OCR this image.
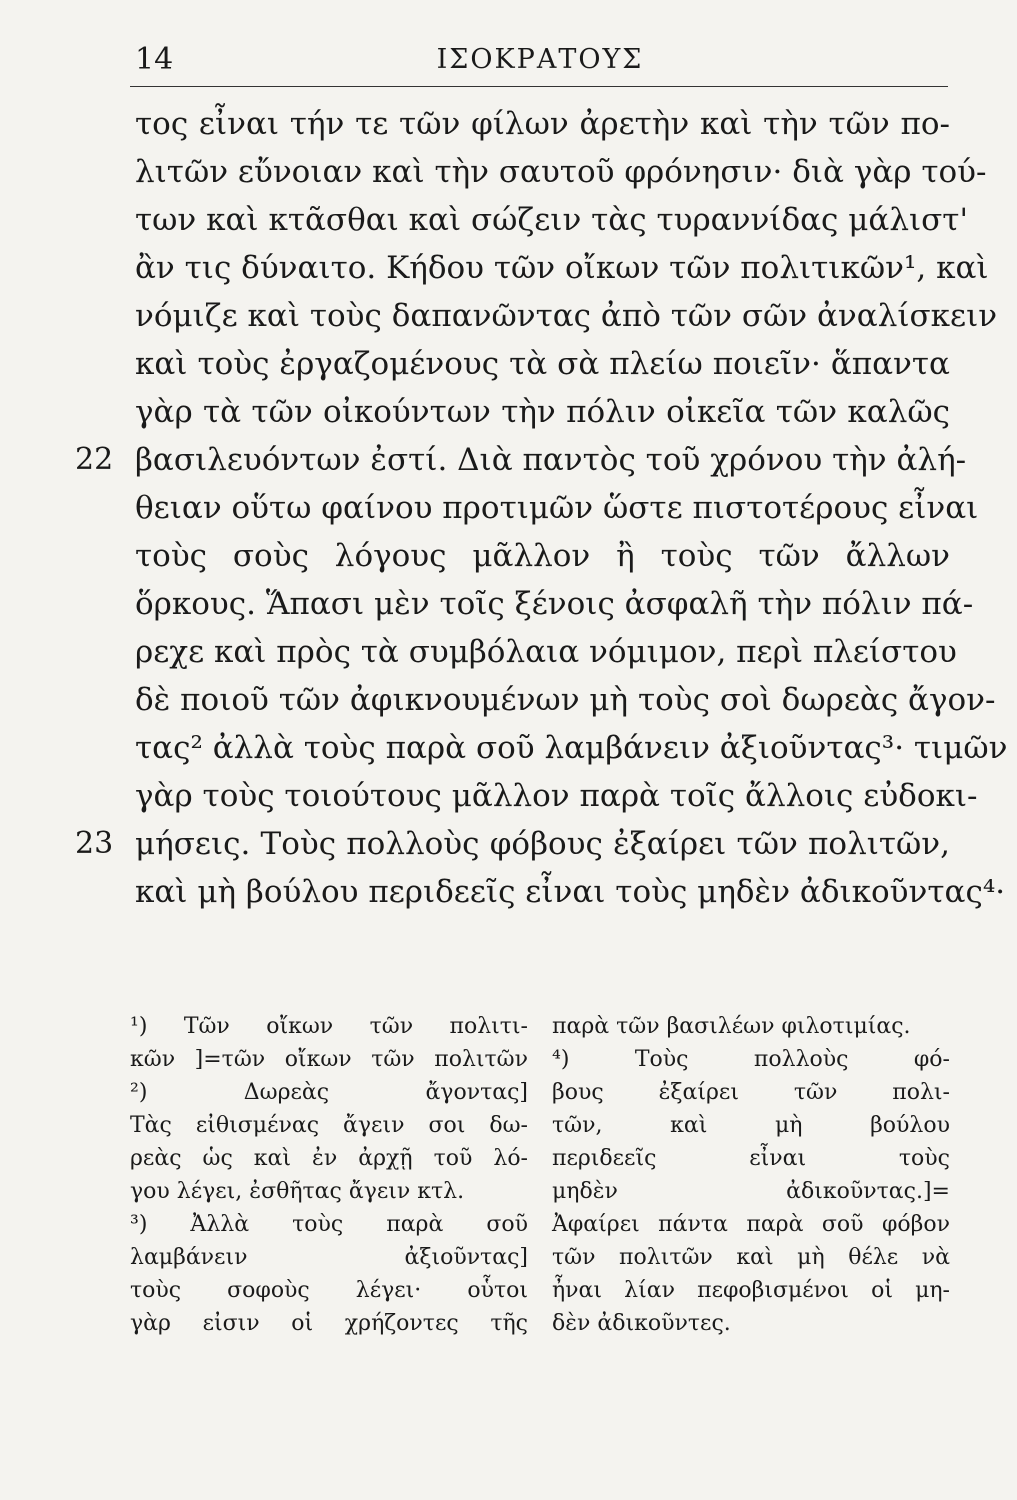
14	ΙΣΟΚΡΑΤΟΥΣ
τος εἶναι τήν τε τῶν φίλων ἀρετὴν καὶ τὴν τῶν πο-
λιτῶν εὔνοιαν καὶ τὴν σαυτοῦ φρόνησιν· διὰ γὰρ τού-
των καὶ κτᾶσθαι καὶ σώζειν τὰς τυραννίδας μάλιστ'
ἂν τις δύναιτο. Κήδου τῶν οἴκων τῶν πολιτικῶν¹, καὶ
νόμιζε καὶ τοὺς δαπανῶντας ἀπὸ τῶν σῶν ἀναλίσκειν
καὶ τοὺς ἐργαζομένους τὰ σὰ πλείω ποιεῖν· ἅπαντα
γὰρ τὰ τῶν οἰκούντων τὴν πόλιν οἰκεῖα τῶν καλῶς
22 βασιλευόντων ἐστί. Διὰ παντὸς τοῦ χρόνου τὴν ἀλή-
θειαν οὕτω φαίνου προτιμῶν ὥστε πιστοτέρους εἶναι
τοὺς σοὺς λόγους μᾶλλον ἢ τοὺς τῶν ἄλλων
ὅρκους. Ἅπασι μὲν τοῖς ξένοις ἀσφαλῆ τὴν πόλιν πά-
ρεχε καὶ πρὸς τὰ συμβόλαια νόμιμον, περὶ πλείστου
δὲ ποιοῦ τῶν ἀφικνουμένων μὴ τοὺς σοὶ δωρεὰς ἄγον-
τας² ἀλλὰ τοὺς παρὰ σοῦ λαμβάνειν ἀξιοῦντας³· τιμῶν
γὰρ τοὺς τοιούτους μᾶλλον παρὰ τοῖς ἄλλοις εὐδοκι-
23 μήσεις. Τοὺς πολλοὺς φόβους ἐξαίρει τῶν πολιτῶν,
καὶ μὴ βούλου περιδεεῖς εἶναι τοὺς μηδὲν ἀδικοῦντας⁴·
¹) Τῶν οἴκων τῶν πολιτι-
κῶν ]=τῶν οἴκων τῶν πολιτῶν
²) Δωρεὰς ἄγοντας]
Τὰς εἰθισμένας ἄγειν σοι δω-
ρεὰς ὡς καὶ ἐν ἀρχῇ τοῦ λό-
γου λέγει, ἐσθῆτας ἄγειν κτλ.
³) Ἀλλὰ τοὺς παρὰ σοῦ
λαμβάνειν ἀξιοῦντας]
τοὺς σοφοὺς λέγει· οὗτοι
γὰρ εἰσιν οἱ χρήζοντες τῆς
παρὰ τῶν βασιλέων φιλοτιμίας.
⁴) Τοὺς πολλοὺς φό-
βους ἐξαίρει τῶν πολι-
τῶν, καὶ μὴ βούλου
περιδεεῖς εἶναι τοὺς
μηδὲν ἀδικοῦντας.]=
Ἀφαίρει πάντα παρὰ σοῦ φόβον
τῶν πολιτῶν καὶ μὴ θέλε νὰ
ἦναι λίαν πεφοβισμένοι οἱ μη-
δὲν ἀδικοῦντες.
